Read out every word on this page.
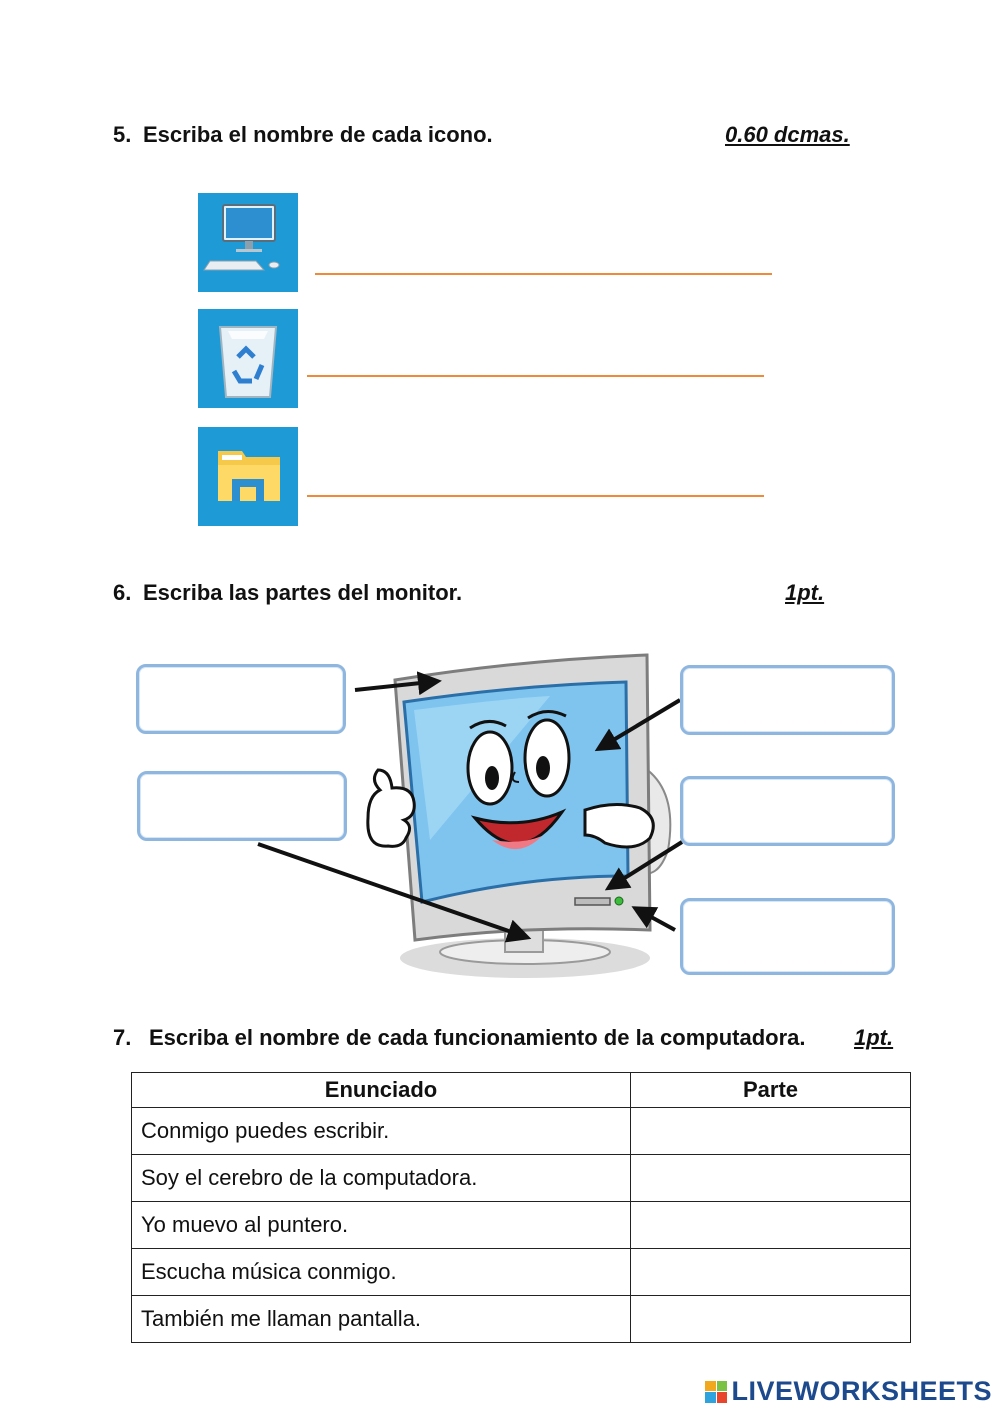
5. Escriba el nombre de cada icono.	0.60 dcmas.
6. Escriba las partes del monitor.	1pt.
7. Escriba el nombre de cada funcionamiento de la computadora. 1pt.
Enunciado	Parte
Conmigo puedes escribir.	
Soy el cerebro de la computadora.	
Yo muevo al puntero.	
Escucha música conmigo.	
También me llaman pantalla.	
LIVEWORKSHEETS
